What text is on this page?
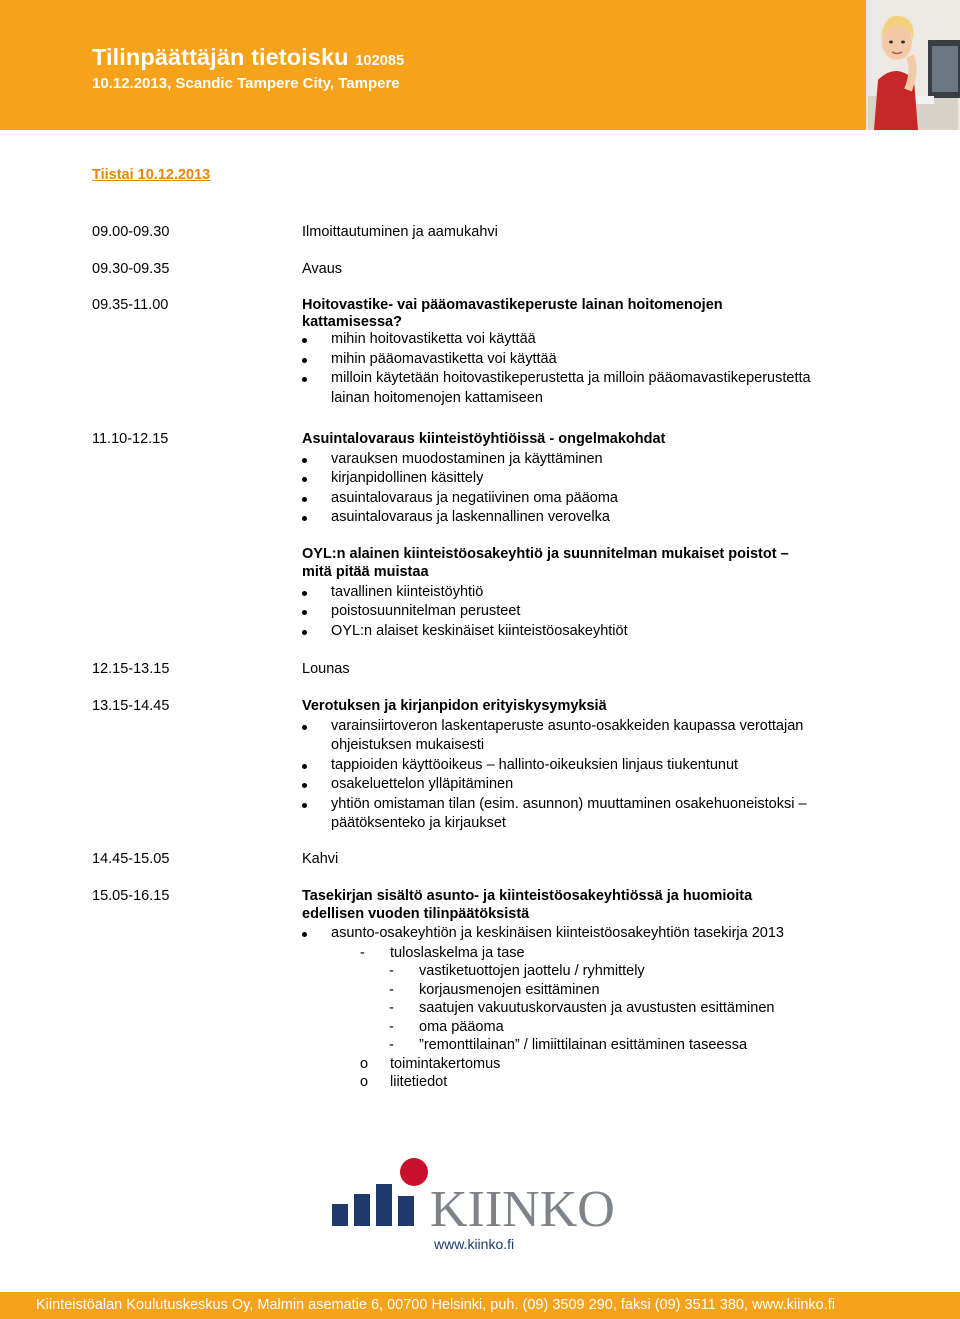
Tilinpäättäjän tietoisku 102085
10.12.2013, Scandic Tampere City, Tampere
Tiistai 10.12.2013
09.00-09.30	Ilmoittautuminen ja aamukahvi
09.30-09.35	Avaus
09.35-11.00	Hoitovastike- vai pääomavastikeperuste lainan hoitomenojen
kattamisessa?
mihin hoitovastiketta voi käyttää
mihin pääomavastiketta voi käyttää
milloin käytetään hoitovastikeperustetta ja milloin pääomavastikeperustetta
lainan hoitomenojen kattamiseen
11.10-12.15	Asuintalovaraus kiinteistöyhtiöissä - ongelmakohdat
varauksen muodostaminen ja käyttäminen
kirjanpidollinen käsittely
asuintalovaraus ja negatiivinen oma pääoma
asuintalovaraus ja laskennallinen verovelka
OYL:n alainen kiinteistöosakeyhtiö ja suunnitelman mukaiset poistot –
mitä pitää muistaa
tavallinen kiinteistöyhtiö
poistosuunnitelman perusteet
OYL:n alaiset keskinäiset kiinteistöosakeyhtiöt
12.15-13.15	Lounas
13.15-14.45	Verotuksen ja kirjanpidon erityiskysymyksiä
varainsiirtoveron laskentaperuste asunto-osakkeiden kaupassa verottajan
ohjeistuksen mukaisesti
tappioiden käyttöoikeus – hallinto-oikeuksien linjaus tiukentunut
osakeluettelon ylläpitäminen
yhtiön omistaman tilan (esim. asunnon) muuttaminen osakehuoneistoksi –
päätöksenteko ja kirjaukset
14.45-15.05	Kahvi
15.05-16.15	Tasekirjan sisältö asunto- ja kiinteistöosakeyhtiössä ja huomioita
edellisen vuoden tilinpäätöksistä
asunto-osakeyhtiön ja keskinäisen kiinteistöosakeyhtiön tasekirja 2013
- tuloslaskelma ja tase
- vastiketuottojen jaottelu / ryhmittely
- korjausmenojen esittäminen
- saatujen vakuutuskorvausten ja avustusten esittäminen
- oma pääoma
- ”remonttilainan” / limiittilainan esittäminen taseessa
o toimintakertomus
o liitetiedot
KIINKO
www.kiinko.fi
Kiinteistöalan Koulutuskeskus Oy, Malmin asematie 6, 00700 Helsinki, puh. (09) 3509 290, faksi (09) 3511 380, www.kiinko.fi
